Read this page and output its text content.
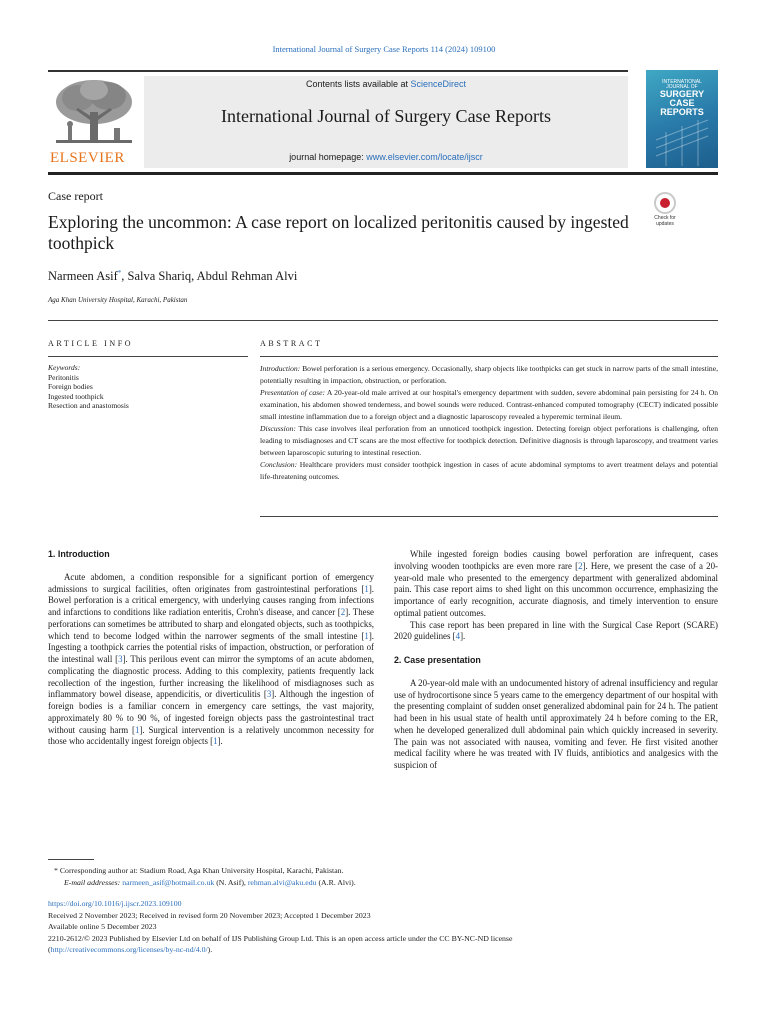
International Journal of Surgery Case Reports 114 (2024) 109100
ELSEVIER
Contents lists available at ScienceDirect
International Journal of Surgery Case Reports
journal homepage: www.elsevier.com/locate/ijscr
INTERNATIONAL
JOURNAL OF
SURGERY
CASE
REPORTS
Case report
Exploring the uncommon: A case report on localized peritonitis caused by ingested toothpick
Check for
updates
Narmeen Asif*, Salva Shariq, Abdul Rehman Alvi
Aga Khan University Hospital, Karachi, Pakistan
ARTICLE INFO
Keywords:
Peritonitis
Foreign bodies
Ingested toothpick
Resection and anastomosis
ABSTRACT

Introduction: Bowel perforation is a serious emergency. Occasionally, sharp objects like toothpicks can get stuck in narrow parts of the small intestine, potentially resulting in impaction, obstruction, or perforation.

Presentation of case: A 20-year-old male arrived at our hospital's emergency department with sudden, severe abdominal pain persisting for 24 h. On examination, his abdomen showed tenderness, and bowel sounds were reduced. Contrast-enhanced computed tomography (CECT) indicated possible small intestine inflammation due to a foreign object and a diagnostic laparoscopy revealed a hyperemic terminal ileum.

Discussion: This case involves ileal perforation from an unnoticed toothpick ingestion. Detecting foreign object perforations is challenging, often leading to misdiagnoses and CT scans are the most effective for toothpick detection. Definitive diagnosis is through laparoscopy, and treatment varies between laparoscopic suturing to intestinal resection.

Conclusion: Healthcare providers must consider toothpick ingestion in cases of acute abdominal symptoms to avert treatment delays and potential life-threatening outcomes.

1. Introduction

Acute abdomen, a condition responsible for a significant portion of emergency admissions to surgical facilities, often originates from gastrointestinal perforations [1]. Bowel perforation is a critical emergency, with underlying causes ranging from infections and infarctions to conditions like radiation enteritis, Crohn's disease, and cancer [2]. These perforations can sometimes be attributed to sharp and elongated objects, such as toothpicks, which tend to become lodged within the narrower segments of the small intestine [1]. Ingesting a toothpick carries the potential risks of impaction, obstruction, or perforation of the intestinal wall [3]. This perilous event can mirror the symptoms of an acute abdomen, complicating the diagnostic process. Adding to this complexity, patients frequently lack recollection of the ingestion, further increasing the likelihood of misdiagnoses such as inflammatory bowel disease, appendicitis, or diverticulitis [3]. Although the ingestion of foreign bodies is a familiar concern in emergency care settings, the vast majority, approximately 80 % to 90 %, of ingested foreign objects pass the gastrointestinal tract without causing harm [1]. Surgical intervention is a relatively uncommon necessity for those who accidentally ingest foreign objects [1].

While ingested foreign bodies causing bowel perforation are infrequent, cases involving wooden toothpicks are even more rare [2]. Here, we present the case of a 20-year-old male who presented to the emergency department with generalized abdominal pain. This case report aims to shed light on this uncommon occurrence, emphasizing the importance of early recognition, accurate diagnosis, and timely intervention to ensure optimal patient outcomes.

This case report has been prepared in line with the Surgical Case Report (SCARE) 2020 guidelines [4].

2. Case presentation

A 20-year-old male with an undocumented history of adrenal insufficiency and regular use of hydrocortisone since 5 years came to the emergency department of our hospital with the presenting complaint of sudden onset generalized abdominal pain for 24 h. The patient had been in his usual state of health until approximately 24 h before coming to the ER, when he developed generalized dull abdominal pain which quickly increased in severity. The pain was not associated with nausea, vomiting and fever. He first visited another medical facility where he was treated with IV fluids, antibiotics and analgesics with the suspicion of

* Corresponding author at: Stadium Road, Aga Khan University Hospital, Karachi, Pakistan.
E-mail addresses: narmeen_asif@hotmail.co.uk (N. Asif), rehman.alvi@aku.edu (A.R. Alvi).
https://doi.org/10.1016/j.ijscr.2023.109100
Received 2 November 2023; Received in revised form 20 November 2023; Accepted 1 December 2023
Available online 5 December 2023
2210-2612/© 2023 Published by Elsevier Ltd on behalf of IJS Publishing Group Ltd. This is an open access article under the CC BY-NC-ND license
(http://creativecommons.org/licenses/by-nc-nd/4.0/).
